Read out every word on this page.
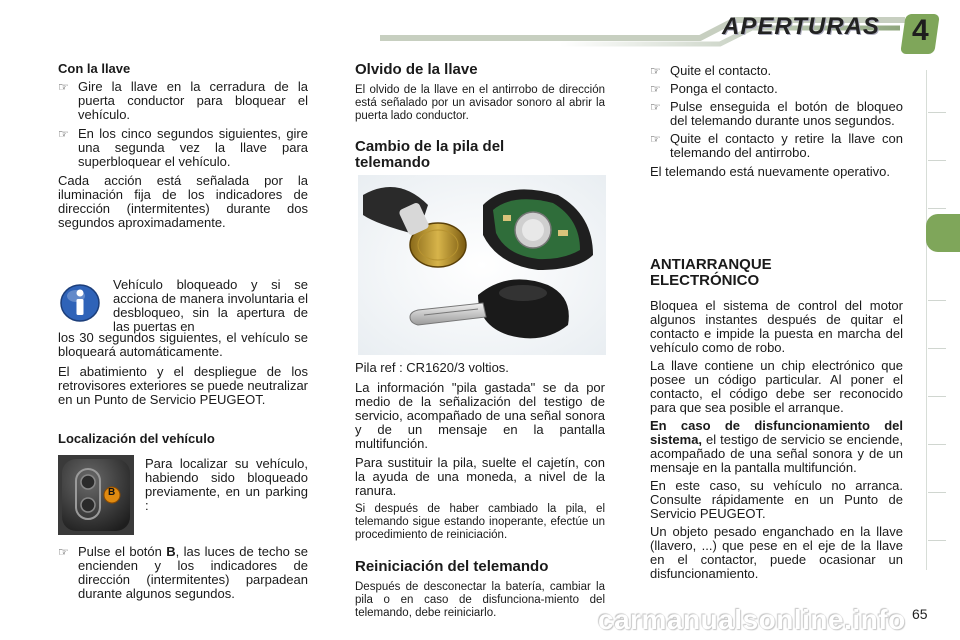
APERTURAS 4
Con la llave
☞ Gire la llave en la cerradura de la puerta conductor para bloquear el vehículo.
☞ En los cinco segundos siguientes, gire una segunda vez la llave para superbloquear el vehículo.
Cada acción está señalada por la iluminación fija de los indicadores de dirección (intermitentes) durante dos segundos aproximadamente.
Vehículo bloqueado y si se acciona de manera involuntaria el desbloqueo, sin la apertura de las puertas en
los 30 segundos siguientes, el vehículo se bloqueará automáticamente.
El abatimiento y el despliegue de los retrovisores exteriores se puede neutralizar en un Punto de Servicio PEUGEOT.
Localización del vehículo
B
Para localizar su vehículo, habiendo sido bloqueado previamente, en un parking :
☞ Pulse el botón B, las luces de techo se encienden y los indicadores de dirección (intermitentes) parpadean durante algunos segundos.
Olvido de la llave
El olvido de la llave en el antirrobo de dirección está señalado por un avisador sonoro al abrir la puerta lado conductor.
Cambio de la pila del telemando
Pila ref : CR1620/3 voltios.
La información "pila gastada" se da por medio de la señalización del testigo de servicio, acompañado de una señal sonora y de un mensaje en la pantalla multifunción.
Para sustituir la pila, suelte el cajetín, con la ayuda de una moneda, a nivel de la ranura.
Si después de haber cambiado la pila, el telemando sigue estando inoperante, efectúe un procedimiento de reiniciación.
Reiniciación del telemando
Después de desconectar la batería, cambiar la pila o en caso de disfunciona-miento del telemando, debe reiniciarlo.
☞ Quite el contacto.
☞ Ponga el contacto.
☞ Pulse enseguida el botón de bloqueo del telemando durante unos segundos.
☞ Quite el contacto y retire la llave con telemando del antirrobo.
El telemando está nuevamente operativo.
ANTIARRANQUE ELECTRÓNICO
Bloquea el sistema de control del motor algunos instantes después de quitar el contacto e impide la puesta en marcha del vehículo como de robo.
La llave contiene un chip electrónico que posee un código particular. Al poner el contacto, el código debe ser reconocido para que sea posible el arranque.
En caso de disfuncionamiento del sistema, el testigo de servicio se enciende, acompañado de una señal sonora y de un mensaje en la pantalla multifunción.
En este caso, su vehículo no arranca. Consulte rápidamente en un Punto de Servicio PEUGEOT.
Un objeto pesado enganchado en la llave (llavero, ...) que pese en el eje de la llave en el contactor, puede ocasionar un disfuncionamiento.
65
carmanualsonline.info
